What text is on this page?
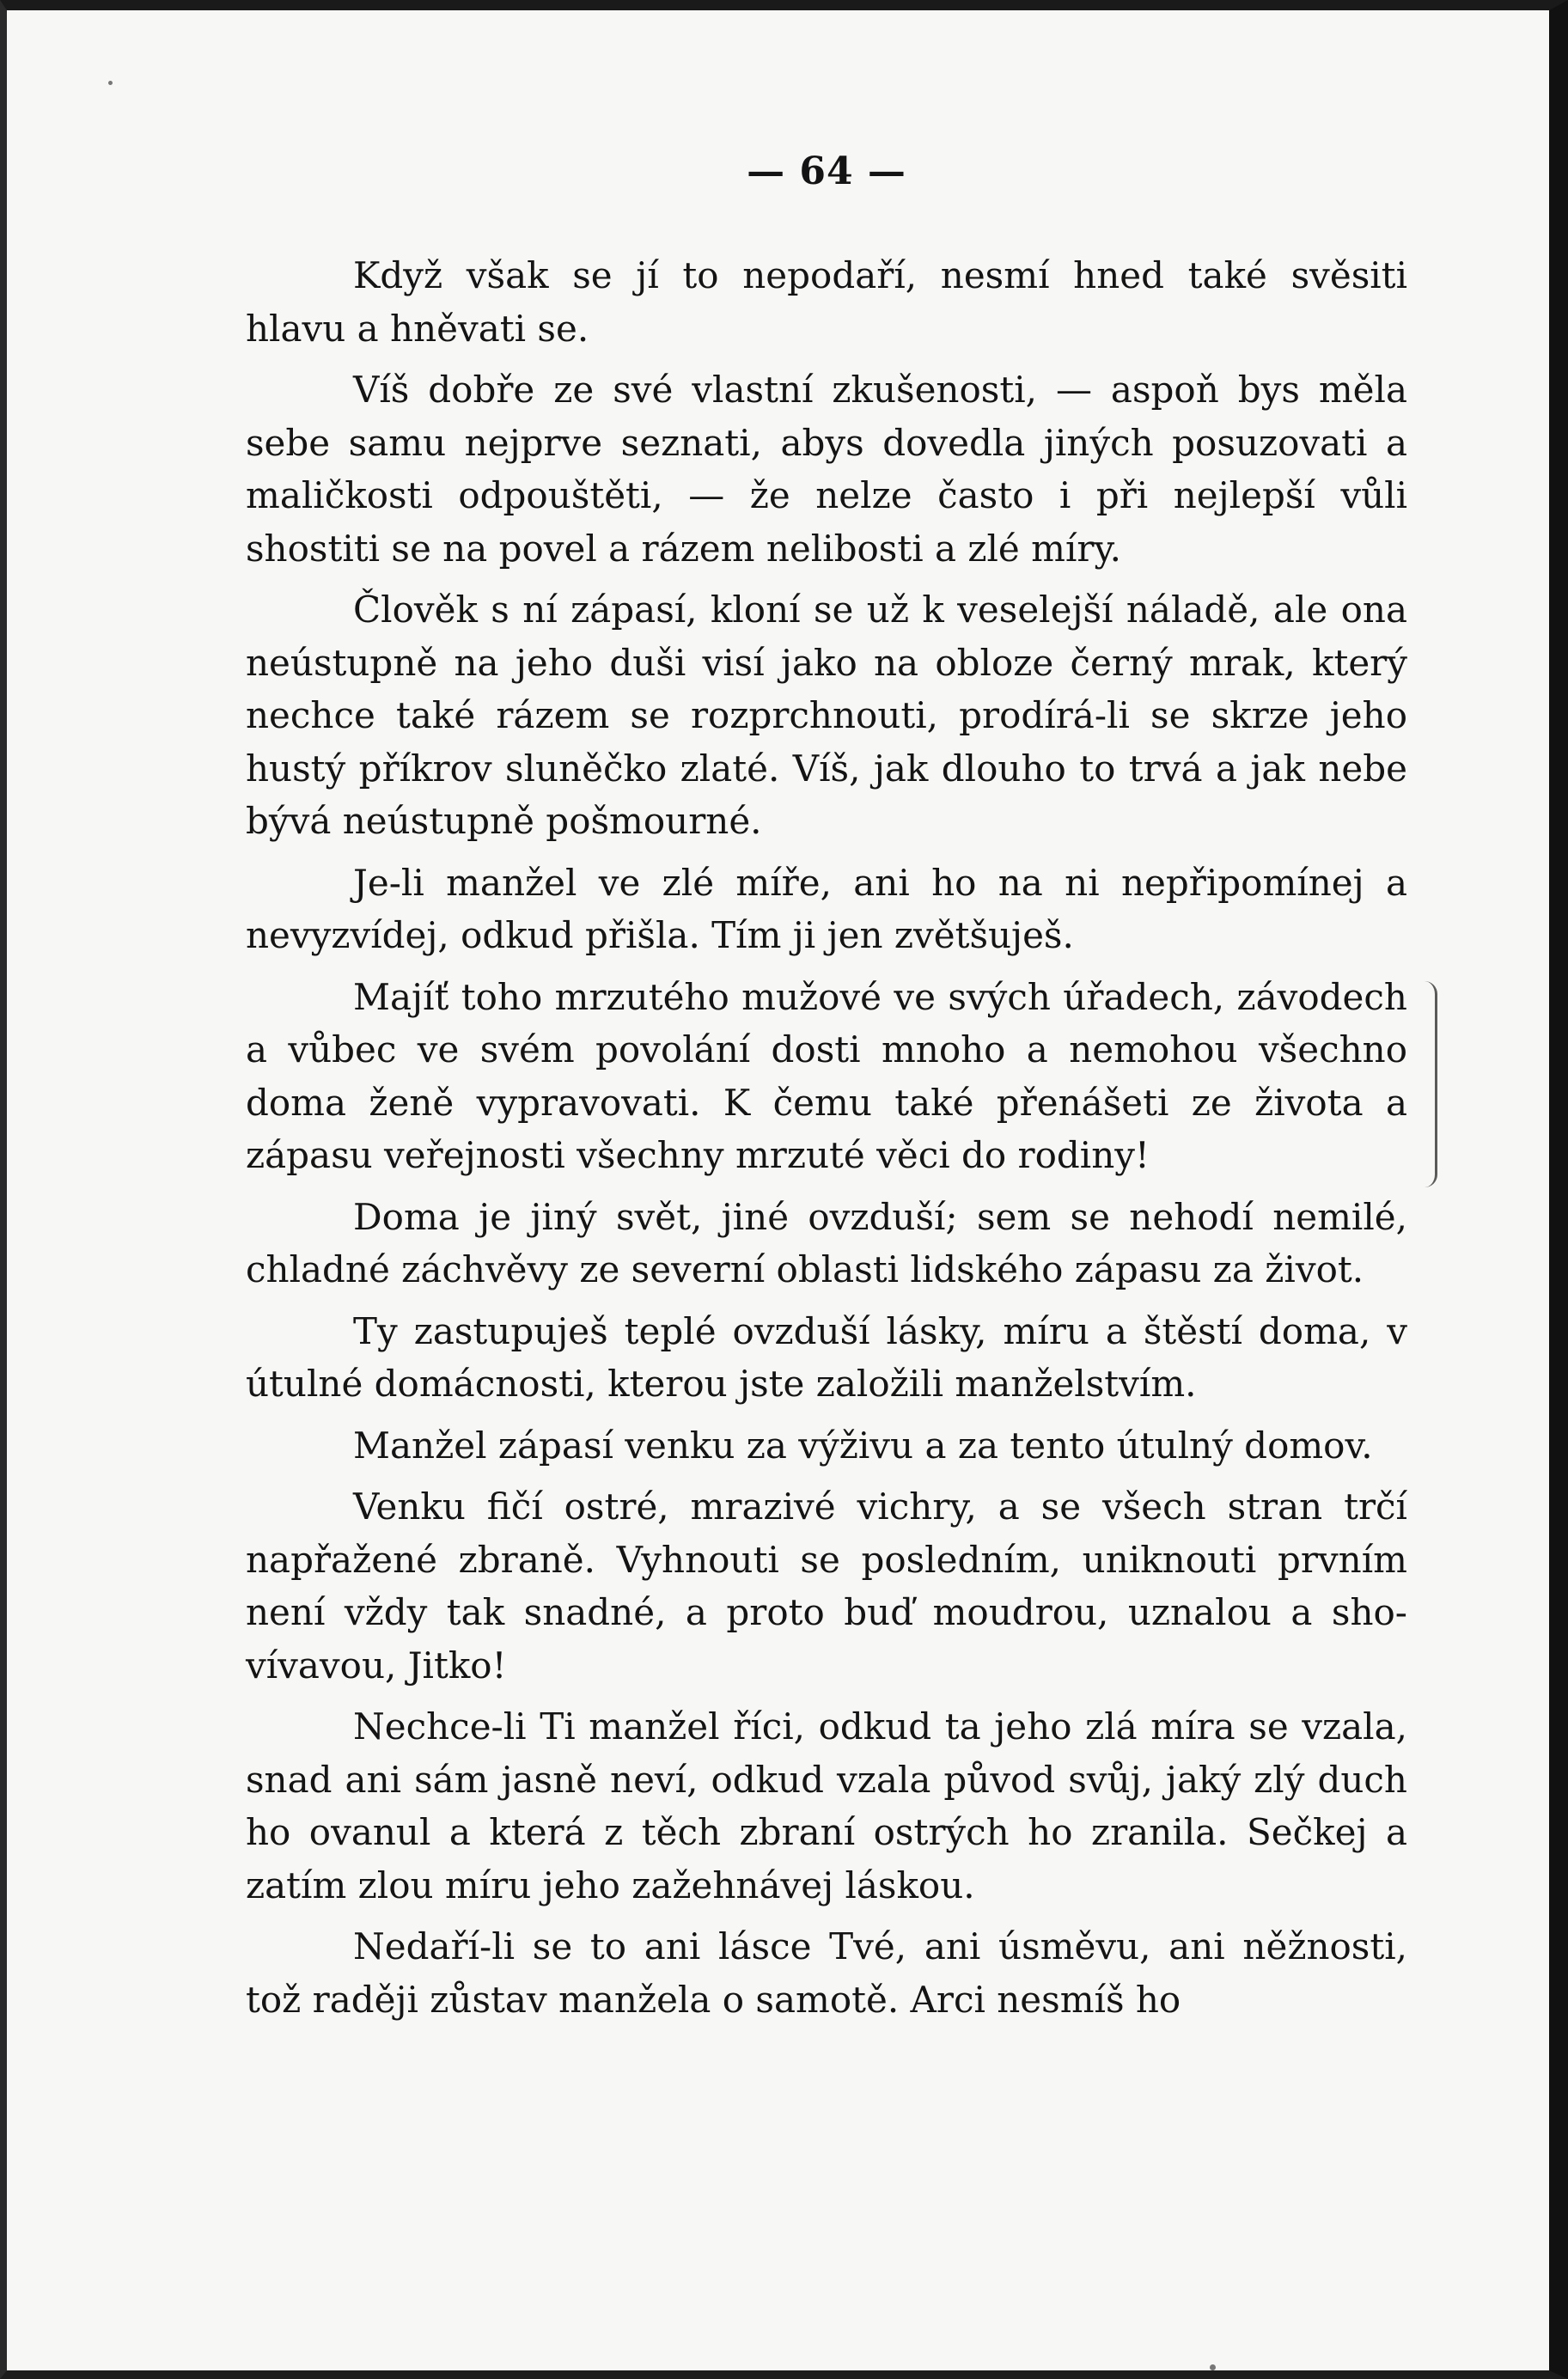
— 64 —

Když však se jí to nepodaří, nesmí hned také svěsiti hlavu a hněvati se.

Víš dobře ze své vlastní zkušenosti, — aspoň bys měla sebe samu nejprve seznati, abys dovedla jiných posuzovati a maličkosti odpouštěti, — že nelze často i při nejlepší vůli shostiti se na povel a rázem nelibosti a zlé míry.

Člověk s ní zápasí, kloní se už k veselejší náladě, ale ona neústupně na jeho duši visí jako na obloze černý mrak, který nechce také rázem se rozprchnouti, prodírá-li se skrze jeho hustý příkrov sluněčko zlaté. Víš, jak dlouho to trvá a jak nebe bývá neústupně pošmourné.

Je-li manžel ve zlé míře, ani ho na ni nepřipomínej a nevyzvídej, odkud přišla. Tím ji jen zvětšuješ.

Majíť toho mrzutého mužové ve svých úřadech, závodech a vůbec ve svém povolání dosti mnoho a nemohou všechno doma ženě vypravovati. K čemu také přenášeti ze života a zápasu veřejnosti všechny mrzuté věci do rodiny!

Doma je jiný svět, jiné ovzduší; sem se nehodí nemilé, chladné záchvěvy ze severní oblasti lidského zápasu za život.

Ty zastupuješ teplé ovzduší lásky, míru a štěstí doma, v útulné domácnosti, kterou jste založili manželstvím.

Manžel zápasí venku za výživu a za tento útulný domov.

Venku fičí ostré, mrazivé vichry, a se všech stran trčí napřažené zbraně. Vyhnouti se posledním, uniknouti prvním není vždy tak snadné, a proto buď moudrou, uznalou a shovívavou, Jitko!

Nechce-li Ti manžel říci, odkud ta jeho zlá míra se vzala, snad ani sám jasně neví, odkud vzala původ svůj, jaký zlý duch ho ovanul a která z těch zbraní ostrých ho zranila. Sečkej a zatím zlou míru jeho zažehnávej láskou.

Nedaří-li se to ani lásce Tvé, ani úsměvu, ani něžnosti, tož raději zůstav manžela o samotě. Arci nesmíš ho
